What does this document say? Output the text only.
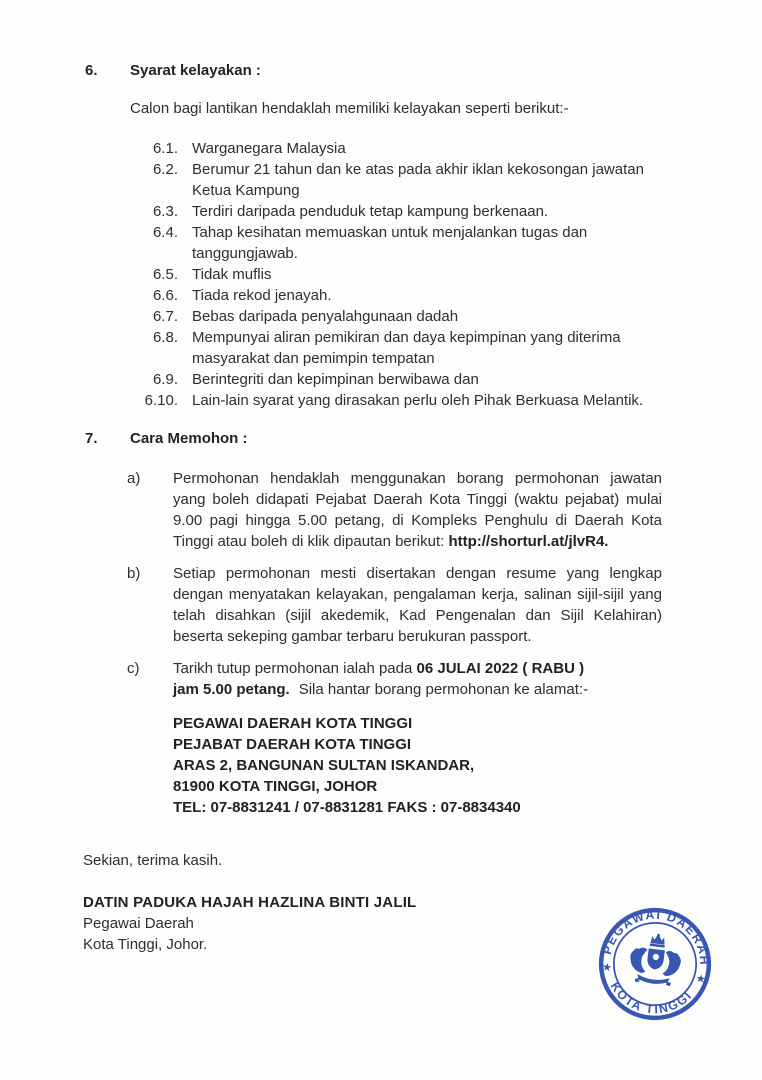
6. Syarat kelayakan :
Calon bagi lantikan hendaklah memiliki kelayakan seperti berikut:-
6.1. Warganegara Malaysia
6.2. Berumur 21 tahun dan ke atas pada akhir iklan kekosongan jawatan Ketua Kampung
6.3. Terdiri daripada penduduk tetap kampung berkenaan.
6.4. Tahap kesihatan memuaskan untuk menjalankan tugas dan tanggungjawab.
6.5. Tidak muflis
6.6. Tiada rekod jenayah.
6.7. Bebas daripada penyalahgunaan dadah
6.8. Mempunyai aliran pemikiran dan daya kepimpinan yang diterima masyarakat dan pemimpin tempatan
6.9. Berintegriti dan kepimpinan berwibawa dan
6.10. Lain-lain syarat yang dirasakan perlu oleh Pihak Berkuasa Melantik.
7. Cara Memohon :
a)	Permohonan hendaklah menggunakan borang permohonan jawatan yang boleh didapati Pejabat Daerah Kota Tinggi (waktu pejabat) mulai 9.00 pagi hingga 5.00 petang, di Kompleks Penghulu di Daerah Kota Tinggi atau boleh di klik dipautan berikut: http://shorturl.at/jlvR4.
b)	Setiap permohonan mesti disertakan dengan resume yang lengkap dengan menyatakan kelayakan, pengalaman kerja, salinan sijil-sijil yang telah disahkan (sijil akedemik, Kad Pengenalan dan Sijil Kelahiran) beserta sekeping gambar terbaru berukuran passport.
c)	Tarikh tutup permohonan ialah pada 06 JULAI 2022 ( RABU )
jam 5.00 petang. Sila hantar borang permohonan ke alamat:-
PEGAWAI DAERAH KOTA TINGGI
PEJABAT DAERAH KOTA TINGGI
ARAS 2, BANGUNAN SULTAN ISKANDAR,
81900 KOTA TINGGI, JOHOR
TEL: 07-8831241 / 07-8831281 FAKS : 07-8834340
Sekian, terima kasih.
DATIN PADUKA HAJAH HAZLINA BINTI JALIL
Pegawai Daerah
Kota Tinggi, Johor.	PEGAWAI DAERAH
KOTA TINGGI
★
★
